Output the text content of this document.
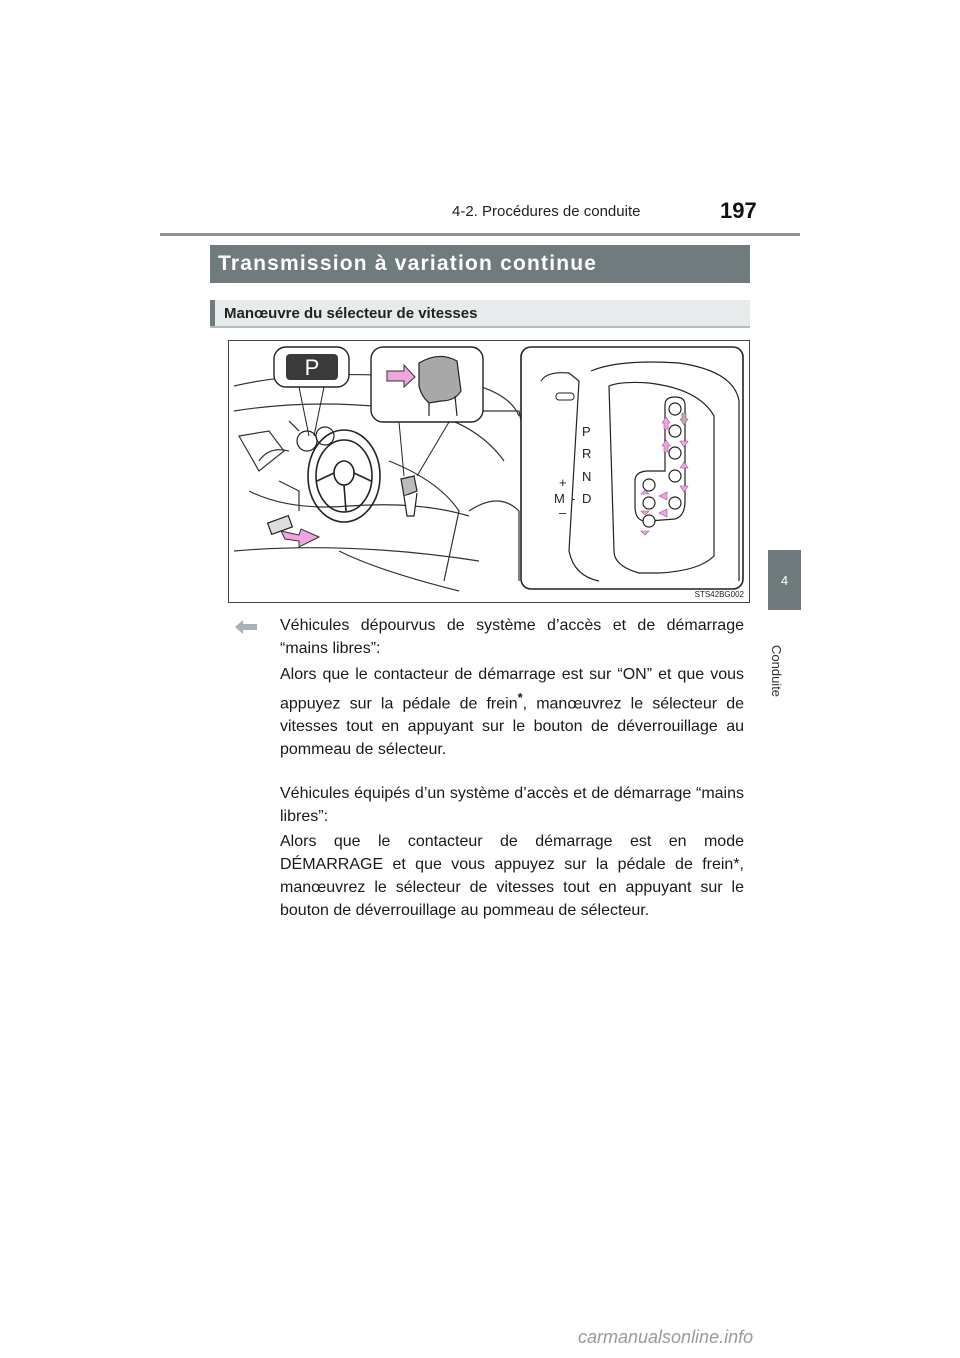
4-2. Procédures de conduite	197
4
Conduite
Transmission à variation continue
Manœuvre du sélecteur de vitesses
P
P
R
N
D
+
M -
–
STS42BG002
Véhicules dépourvus de système d’accès et de démarrage “mains libres”:
Alors que le contacteur de démarrage est sur “ON” et que vous appuyez sur la pédale de frein*, manœuvrez le sélecteur de vitesses tout en appuyant sur le bouton de déverrouillage au pommeau de sélecteur.
Véhicules équipés d’un système d’accès et de démarrage “mains libres”:
Alors que le contacteur de démarrage est en mode DÉMARRAGE et que vous appuyez sur la pédale de frein*, manœuvrez le sélecteur de vitesses tout en appuyant sur le bouton de déverrouillage au pommeau de sélecteur.
carmanualsonline.info
